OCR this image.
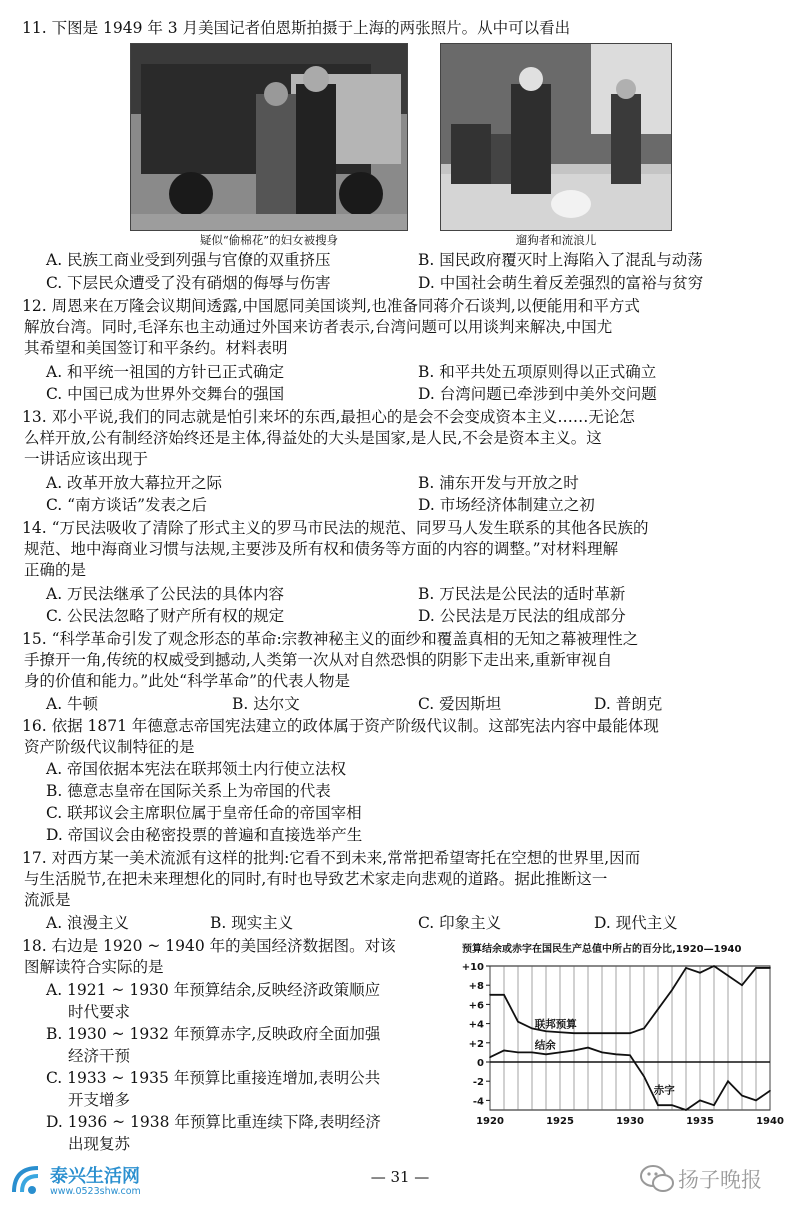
11. 下图是 1949 年 3 月美国记者伯恩斯拍摄于上海的两张照片。从中可以看出
疑似“偷棉花”的妇女被搜身	遛狗者和流浪儿
A. 民族工商业受到列强与官僚的双重挤压	B. 国民政府覆灭时上海陷入了混乱与动荡
C. 下层民众遭受了没有硝烟的侮辱与伤害	D. 中国社会萌生着反差强烈的富裕与贫穷
12. 周恩来在万隆会议期间透露,中国愿同美国谈判,也准备同蒋介石谈判,以便能用和平方式
解放台湾。同时,毛泽东也主动通过外国来访者表示,台湾问题可以用谈判来解决,中国尤
其希望和美国签订和平条约。材料表明
A. 和平统一祖国的方针已正式确定	B. 和平共处五项原则得以正式确立
C. 中国已成为世界外交舞台的强国	D. 台湾问题已牵涉到中美外交问题
13. 邓小平说,我们的同志就是怕引来坏的东西,最担心的是会不会变成资本主义……无论怎
么样开放,公有制经济始终还是主体,得益处的大头是国家,是人民,不会是资本主义。这
一讲话应该出现于
A. 改革开放大幕拉开之际	B. 浦东开发与开放之时
C. “南方谈话”发表之后	D. 市场经济体制建立之初
14. “万民法吸收了清除了形式主义的罗马市民法的规范、同罗马人发生联系的其他各民族的
规范、地中海商业习惯与法规,主要涉及所有权和债务等方面的内容的调整。”对材料理解
正确的是
A. 万民法继承了公民法的具体内容	B. 万民法是公民法的适时革新
C. 公民法忽略了财产所有权的规定	D. 公民法是万民法的组成部分
15. “科学革命引发了观念形态的革命:宗教神秘主义的面纱和覆盖真相的无知之幕被理性之
手撩开一角,传统的权威受到撼动,人类第一次从对自然恐惧的阴影下走出来,重新审视自
身的价值和能力。”此处“科学革命”的代表人物是
A. 牛顿	B. 达尔文	C. 爱因斯坦	D. 普朗克
16. 依据 1871 年德意志帝国宪法建立的政体属于资产阶级代议制。这部宪法内容中最能体现
资产阶级代议制特征的是
A. 帝国依据本宪法在联邦领土内行使立法权
B. 德意志皇帝在国际关系上为帝国的代表
C. 联邦议会主席职位属于皇帝任命的帝国宰相
D. 帝国议会由秘密投票的普遍和直接选举产生
17. 对西方某一美术流派有这样的批判:它看不到未来,常常把希望寄托在空想的世界里,因而
与生活脱节,在把未来理想化的同时,有时也导致艺术家走向悲观的道路。据此推断这一
流派是
A. 浪漫主义	B. 现实主义	C. 印象主义	D. 现代主义
18. 右边是 1920 ~ 1940 年的美国经济数据图。对该
图解读符合实际的是
A. 1921 ~ 1930 年预算结余,反映经济政策顺应
时代要求
B. 1930 ~ 1932 年预算赤字,反映政府全面加强
经济干预
C. 1933 ~ 1935 年预算比重接连增加,表明公共
开支增多
D. 1936 ~ 1938 年预算比重连续下降,表明经济
出现复苏
预算结余或赤字在国民生产总值中所占的百分比,1920—1940
+10
+8
+6
+4
+2
0
-2
-4
1920	1925	1930	1935	1940
联邦预算
结余
赤字
泰兴生活网
www.0523shw.com
— 31 —	扬子晚报
